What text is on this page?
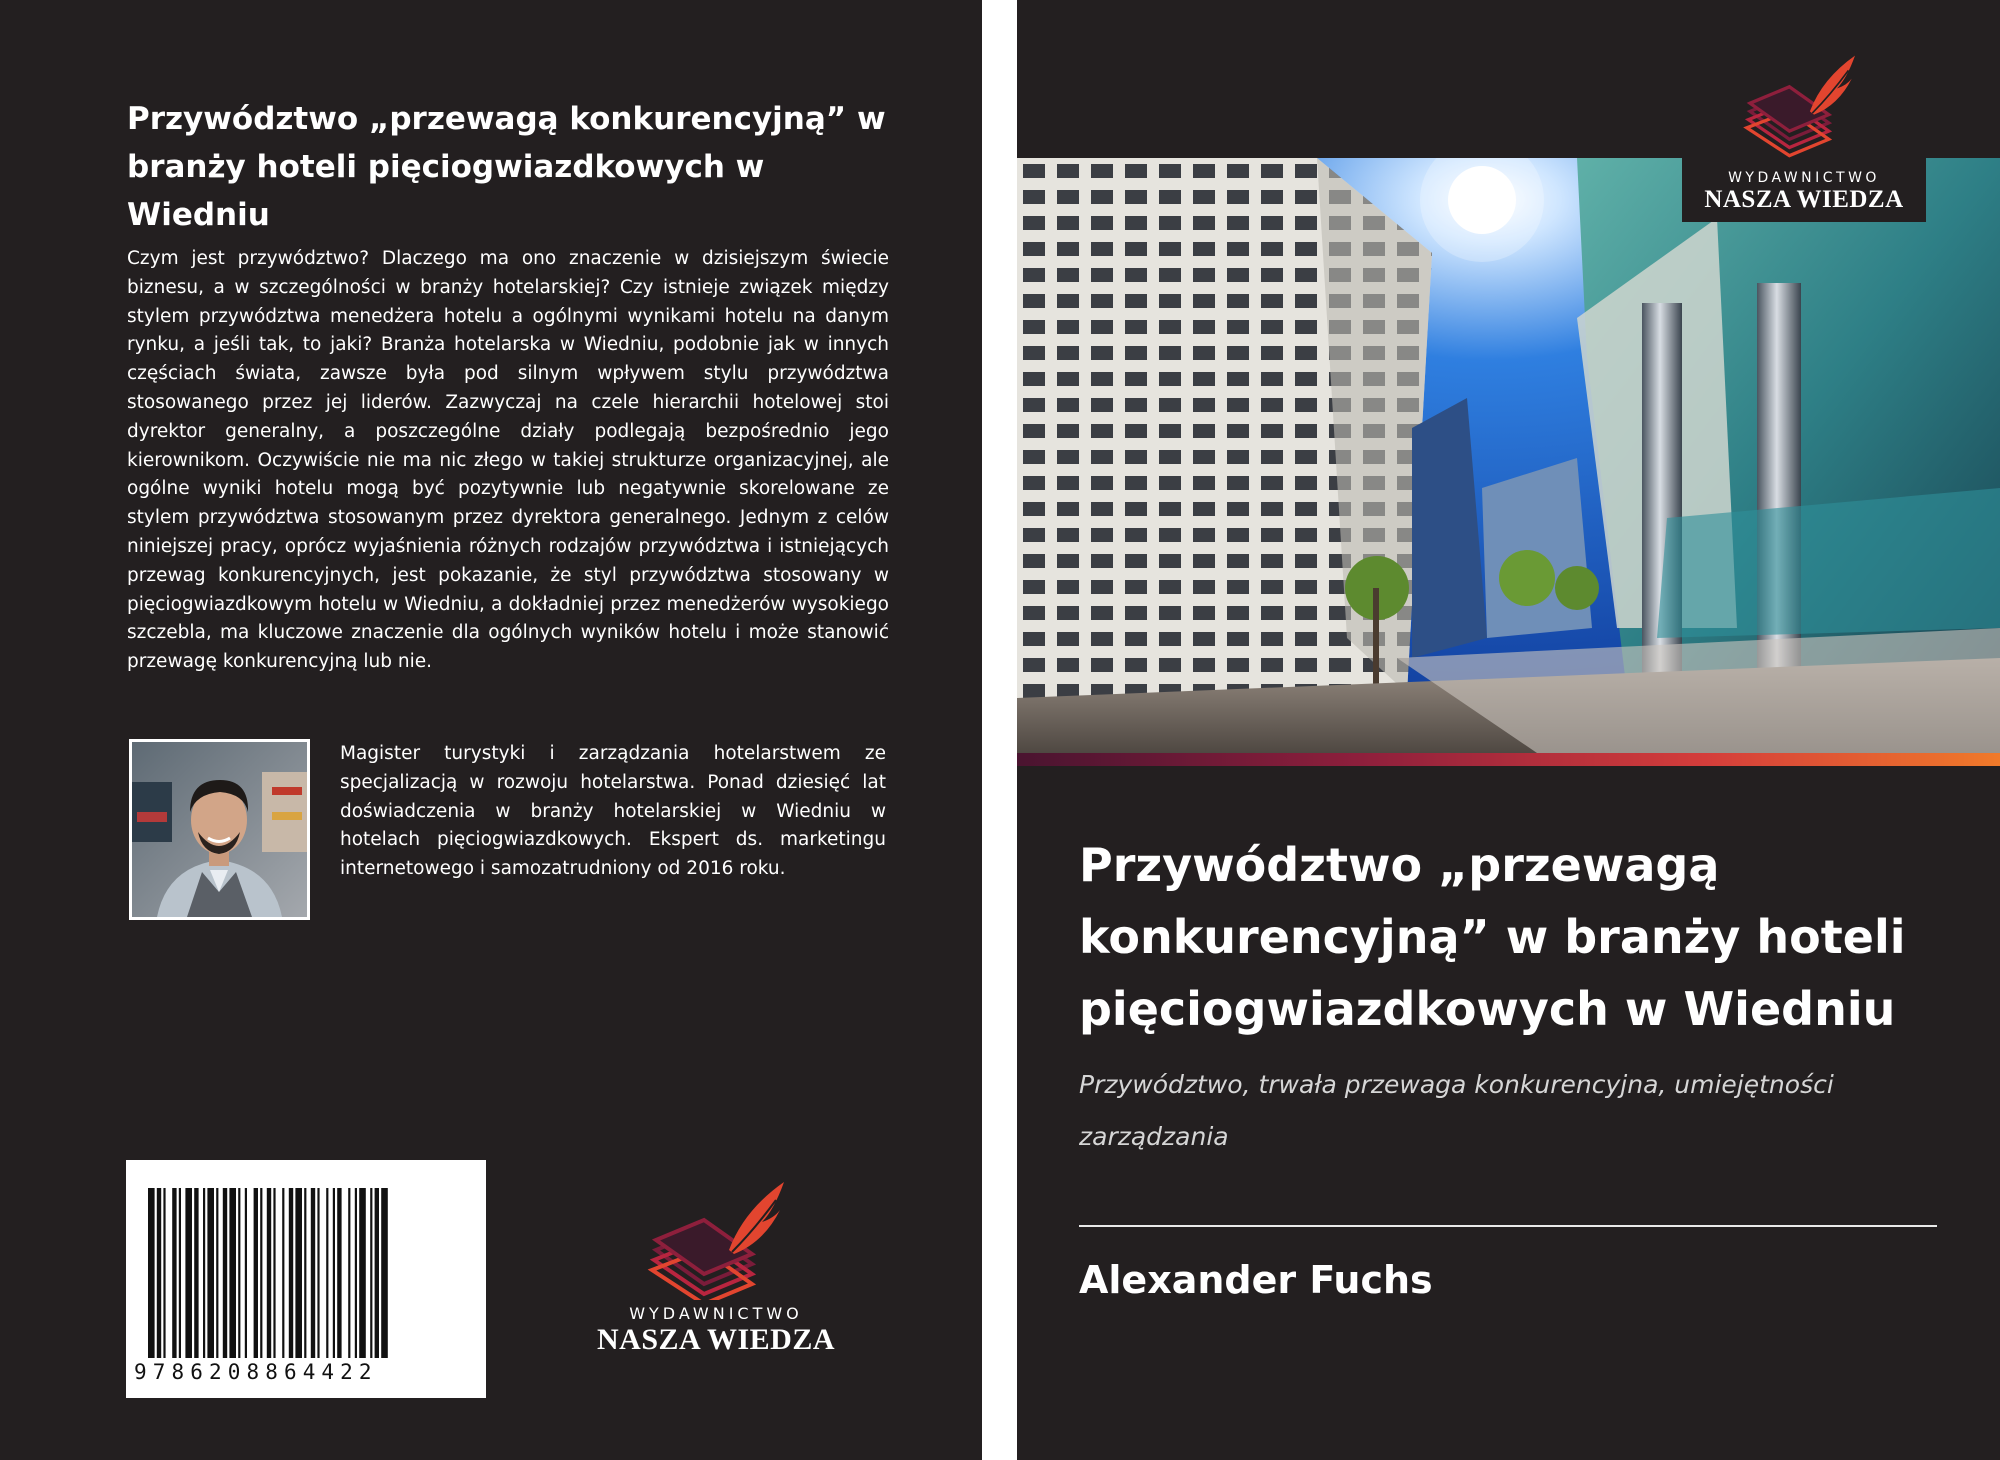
Przywództwo „przewagą konkurencyjną” w branży hoteli pięciogwiazdkowych w Wiedniu

Czym jest przywództwo? Dlaczego ma ono znaczenie w dzisiejszym świecie biznesu, a w szczególności w branży hotelarskiej? Czy istnieje związek między stylem przywództwa menedżera hotelu a ogólnymi wynikami hotelu na danym rynku, a jeśli tak, to jaki? Branża hotelarska w Wiedniu, podobnie jak w innych częściach świata, zawsze była pod silnym wpływem stylu przywództwa stosowanego przez jej liderów. Zazwyczaj na czele hierarchii hotelowej stoi dyrektor generalny, a poszczególne działy podlegają bezpośrednio jego kierownikom. Oczywiście nie ma nic złego w takiej strukturze organizacyjnej, ale ogólne wyniki hotelu mogą być pozytywnie lub negatywnie skorelowane ze stylem przywództwa stosowanym przez dyrektora generalnego. Jednym z celów niniejszej pracy, oprócz wyjaśnienia różnych rodzajów przywództwa i istniejących przewag konkurencyjnych, jest pokazanie, że styl przywództwa stosowany w pięciogwiazdkowym hotelu w Wiedniu, a dokładniej przez menedżerów wysokiego szczebla, ma kluczowe znaczenie dla ogólnych wyników hotelu i może stanowić przewagę konkurencyjną lub nie.

Magister turystyki i zarządzania hotelarstwem ze specjalizacją w rozwoju hotelarstwa. Ponad dziesięć lat doświadczenia w branży hotelarskiej w Wiedniu w hotelach pięciogwiazdkowych. Ekspert ds. marketingu internetowego i samozatrudniony od 2016 roku.

9786208864422
WYDAWNICTWO
NASZA WIEDZA
WYDAWNICTWO
NASZA WIEDZA
Przywództwo „przewagą konkurencyjną” w branży hoteli pięciogwiazdkowych w Wiedniu

Przywództwo, trwała przewaga konkurencyjna, umiejętności zarządzania

Alexander Fuchs
